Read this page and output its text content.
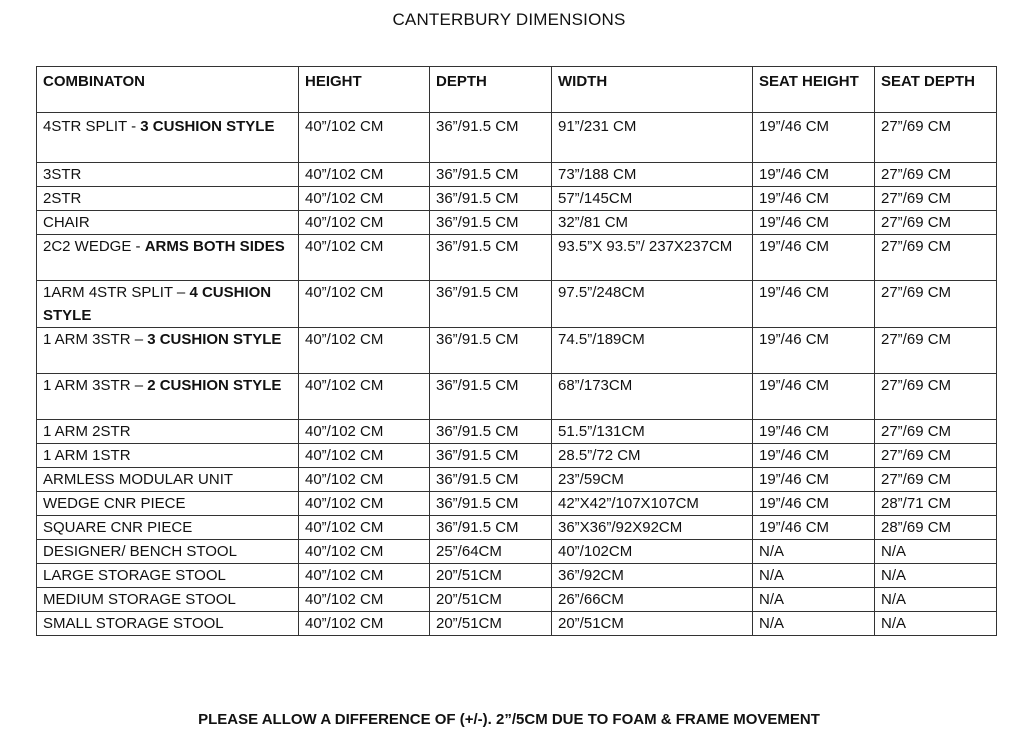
CANTERBURY DIMENSIONS
COMBINATON	HEIGHT	DEPTH	WIDTH	SEAT HEIGHT	SEAT DEPTH
4STR SPLIT - 3 CUSHION STYLE	40”/102 CM	36”/91.5 CM	91”/231 CM	19”/46 CM	27”/69 CM
3STR	40”/102 CM	36”/91.5 CM	73”/188 CM	19”/46 CM	27”/69 CM
2STR	40”/102 CM	36”/91.5 CM	57”/145CM	19”/46 CM	27”/69 CM
CHAIR	40”/102 CM	36”/91.5 CM	32”/81 CM	19”/46 CM	27”/69 CM
2C2 WEDGE - ARMS BOTH SIDES	40”/102 CM	36”/91.5 CM	93.5”X 93.5”/ 237X237CM	19”/46 CM	27”/69 CM
1ARM 4STR SPLIT – 4 CUSHION STYLE	40”/102 CM	36”/91.5 CM	97.5”/248CM	19”/46 CM	27”/69 CM
1 ARM 3STR – 3 CUSHION STYLE	40”/102 CM	36”/91.5 CM	74.5”/189CM	19”/46 CM	27”/69 CM
1 ARM 3STR – 2 CUSHION STYLE	40”/102 CM	36”/91.5 CM	68”/173CM	19”/46 CM	27”/69 CM
1 ARM 2STR	40”/102 CM	36”/91.5 CM	51.5”/131CM	19”/46 CM	27”/69 CM
1 ARM 1STR	40”/102 CM	36”/91.5 CM	28.5”/72 CM	19”/46 CM	27”/69 CM
ARMLESS MODULAR UNIT	40”/102 CM	36”/91.5 CM	23”/59CM	19”/46 CM	27”/69 CM
WEDGE CNR PIECE	40”/102 CM	36”/91.5 CM	42”X42”/107X107CM	19”/46 CM	28”/71 CM
SQUARE CNR PIECE	40”/102 CM	36”/91.5 CM	36”X36”/92X92CM	19”/46 CM	28”/69 CM
DESIGNER/ BENCH STOOL	40”/102 CM	25”/64CM	40”/102CM	N/A	N/A
LARGE STORAGE STOOL	40”/102 CM	20”/51CM	36”/92CM	N/A	N/A
MEDIUM STORAGE STOOL	40”/102 CM	20”/51CM	26”/66CM	N/A	N/A
SMALL STORAGE STOOL	40”/102 CM	20”/51CM	20”/51CM	N/A	N/A
PLEASE ALLOW A DIFFERENCE OF (+/-). 2”/5CM DUE TO FOAM & FRAME MOVEMENT
